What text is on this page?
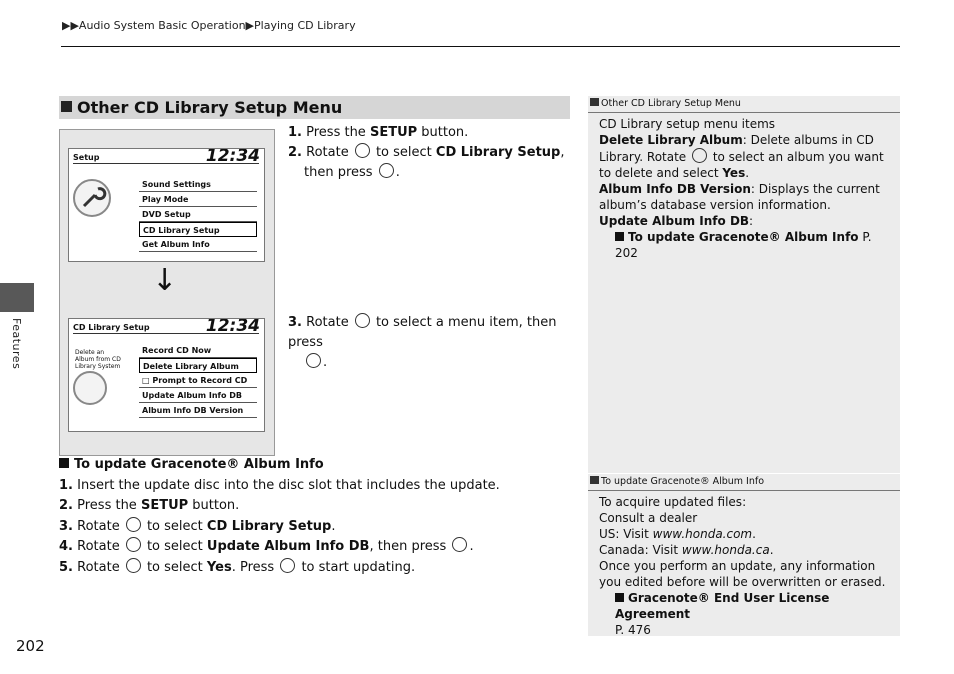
▶▶Audio System Basic Operation▶Playing CD Library
Features
202
Other CD Library Setup Menu
Setup	12:34
Sound Settings
Play Mode
DVD Setup
CD Library Setup
Get Album Info
↓
CD Library Setup	12:34
Delete an Album from CD Library System
Record CD Now
Delete Library Album
□ Prompt to Record CD
Update Album Info DB
Album Info DB Version
1. Press the SETUP button.
2. Rotate  to select CD Library Setup,
then press .
3. Rotate  to select a menu item, then press
.
To update Gracenote® Album Info
1. Insert the update disc into the disc slot that includes the update.
2. Press the SETUP button.
3. Rotate  to select CD Library Setup.
4. Rotate  to select Update Album Info DB, then press .
5. Rotate  to select Yes. Press  to start updating.
Other CD Library Setup Menu
CD Library setup menu items
Delete Library Album: Delete albums in CD Library. Rotate  to select an album you want to delete and select Yes.
Album Info DB Version: Displays the current album’s database version information.
Update Album Info DB:
To update Gracenote® Album Info P. 202
To update Gracenote® Album Info
To acquire updated files:
Consult a dealer
US: Visit www.honda.com.
Canada: Visit www.honda.ca.
Once you perform an update, any information you edited before will be overwritten or erased.
Gracenote® End User License Agreement
P. 476
